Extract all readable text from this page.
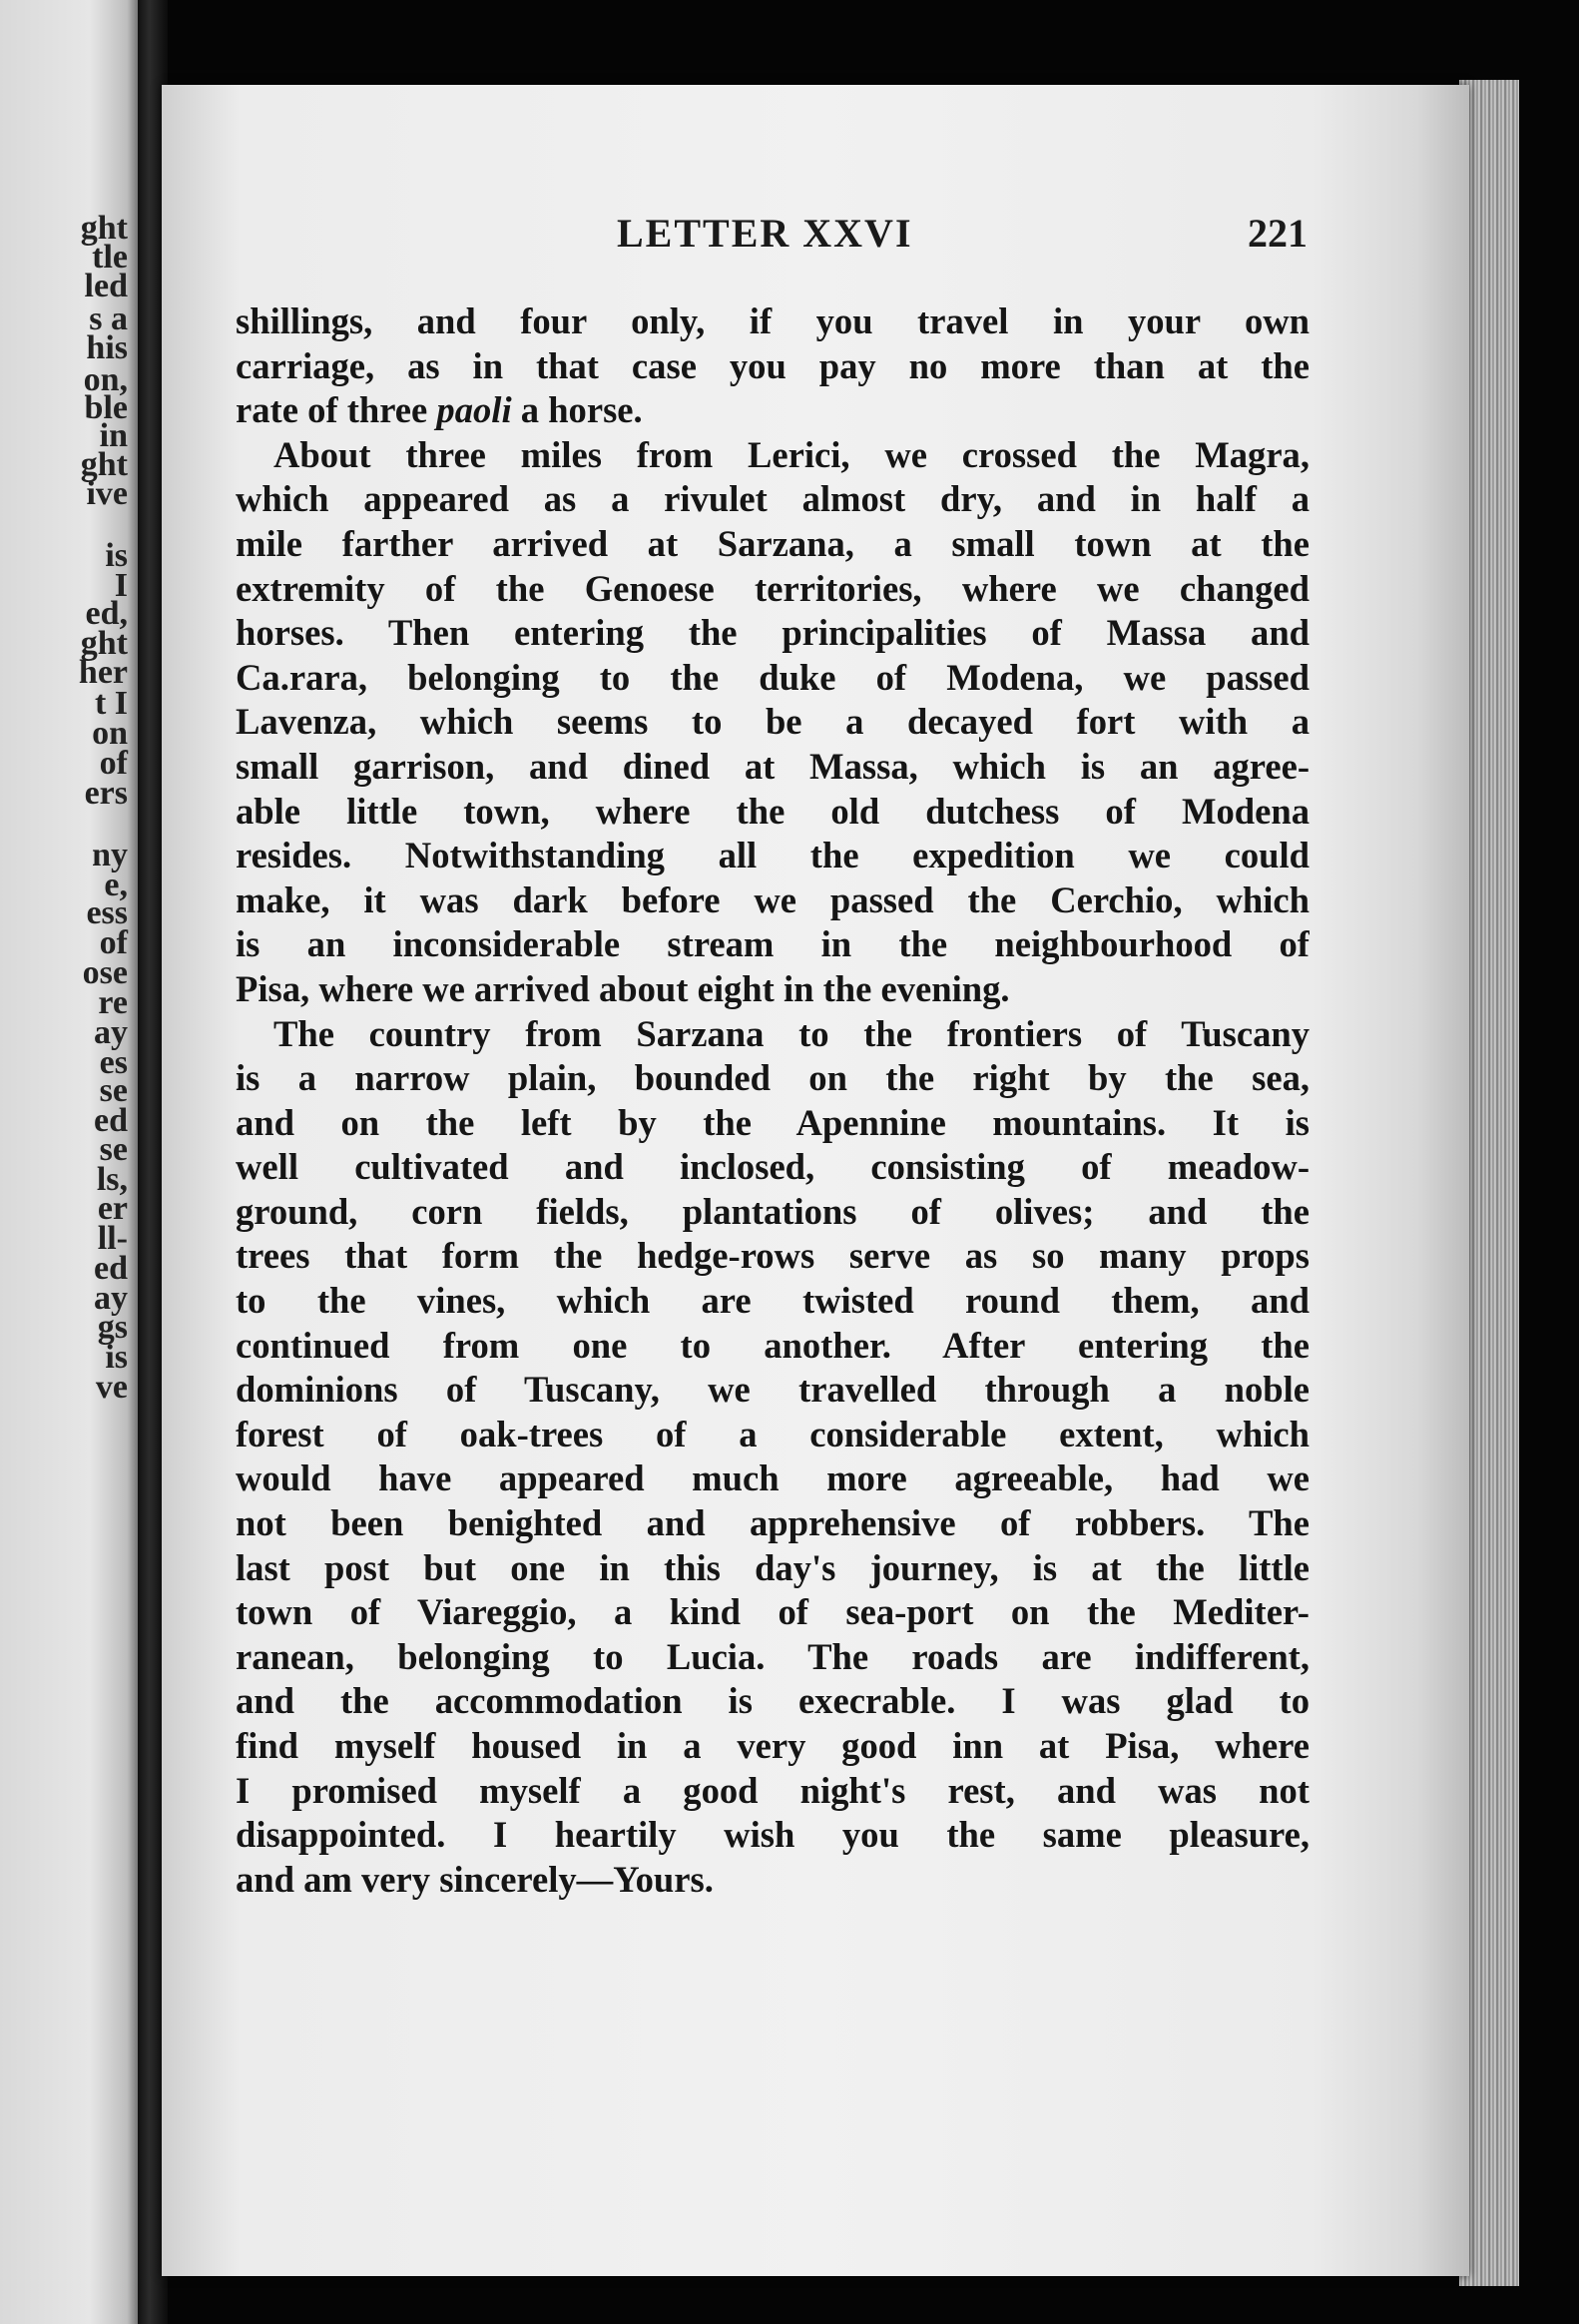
ght
tle
led
s a
his
on,
ble
in
ght
ive
is
I
ed,
ght
her
t I
on
of
ers
ny
e,
ess
of
ose
re
ay
es
se
ed
se
ls,
er
ll-
ed
ay
gs
is
ve
LETTER XXVI	221
shillings, and four only, if you travel in your own
carriage, as in that case you pay no more than at the
rate of three paoli a horse.
About three miles from Lerici, we crossed the Magra,
which appeared as a rivulet almost dry, and in half a
mile farther arrived at Sarzana, a small town at the
extremity of the Genoese territories, where we changed
horses. Then entering the principalities of Massa and
Ca.rara, belonging to the duke of Modena, we passed
Lavenza, which seems to be a decayed fort with a
small garrison, and dined at Massa, which is an agree-
able little town, where the old dutchess of Modena
resides. Notwithstanding all the expedition we could
make, it was dark before we passed the Cerchio, which
is an inconsiderable stream in the neighbourhood of
Pisa, where we arrived about eight in the evening.
The country from Sarzana to the frontiers of Tuscany
is a narrow plain, bounded on the right by the sea,
and on the left by the Apennine mountains. It is
well cultivated and inclosed, consisting of meadow-
ground, corn fields, plantations of olives; and the
trees that form the hedge-rows serve as so many props
to the vines, which are twisted round them, and
continued from one to another. After entering the
dominions of Tuscany, we travelled through a noble
forest of oak-trees of a considerable extent, which
would have appeared much more agreeable, had we
not been benighted and apprehensive of robbers. The
last post but one in this day's journey, is at the little
town of Viareggio, a kind of sea-port on the Mediter-
ranean, belonging to Lucia. The roads are indifferent,
and the accommodation is execrable. I was glad to
find myself housed in a very good inn at Pisa, where
I promised myself a good night's rest, and was not
disappointed. I heartily wish you the same pleasure,
and am very sincerely—Yours.
